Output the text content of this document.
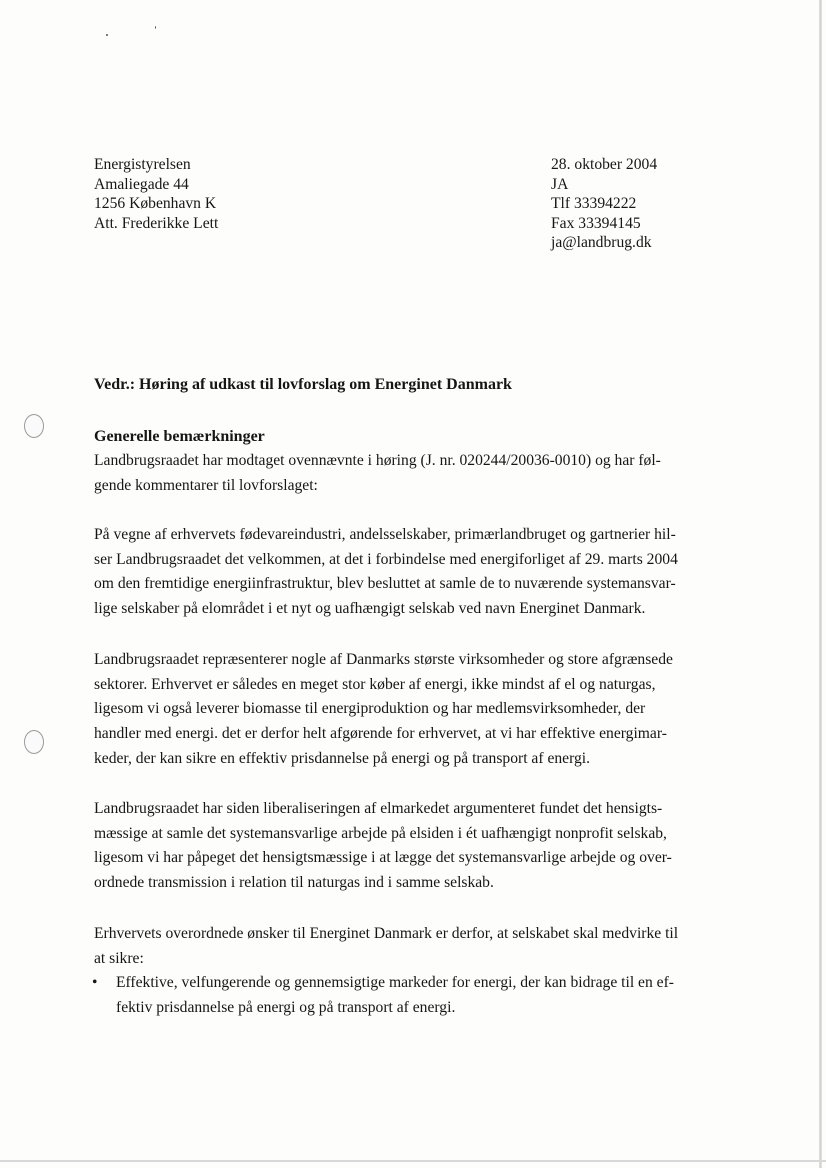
Energistyrelsen
Amaliegade 44
1256 København K
Att. Frederikke Lett
28. oktober 2004
JA
Tlf 33394222
Fax 33394145
ja@landbrug.dk
Vedr.: Høring af udkast til lovforslag om Energinet Danmark
Generelle bemærkninger
Landbrugsraadet har modtaget ovennævnte i høring (J. nr. 020244/20036-0010) og har føl-
gende kommentarer til lovforslaget:
På vegne af erhvervets fødevareindustri, andelsselskaber, primærlandbruget og gartnerier hil-
ser Landbrugsraadet det velkommen, at det i forbindelse med energiforliget af 29. marts 2004
om den fremtidige energiinfrastruktur, blev besluttet at samle de to nuværende systemansvar-
lige selskaber på elområdet i et nyt og uafhængigt selskab ved navn Energinet Danmark.
Landbrugsraadet repræsenterer nogle af Danmarks største virksomheder og store afgrænsede
sektorer. Erhvervet er således en meget stor køber af energi, ikke mindst af el og naturgas,
ligesom vi også leverer biomasse til energiproduktion og har medlemsvirksomheder, der
handler med energi. det er derfor helt afgørende for erhvervet, at vi har effektive energimar-
keder, der kan sikre en effektiv prisdannelse på energi og på transport af energi.
Landbrugsraadet har siden liberaliseringen af elmarkedet argumenteret fundet det hensigts-
mæssige at samle det systemansvarlige arbejde på elsiden i ét uafhængigt nonprofit selskab,
ligesom vi har påpeget det hensigtsmæssige i at lægge det systemansvarlige arbejde og over-
ordnede transmission i relation til naturgas ind i samme selskab.
Erhvervets overordnede ønsker til Energinet Danmark er derfor, at selskabet skal medvirke til
at sikre:
• Effektive, velfungerende og gennemsigtige markeder for energi, der kan bidrage til en ef-
fektiv prisdannelse på energi og på transport af energi.
